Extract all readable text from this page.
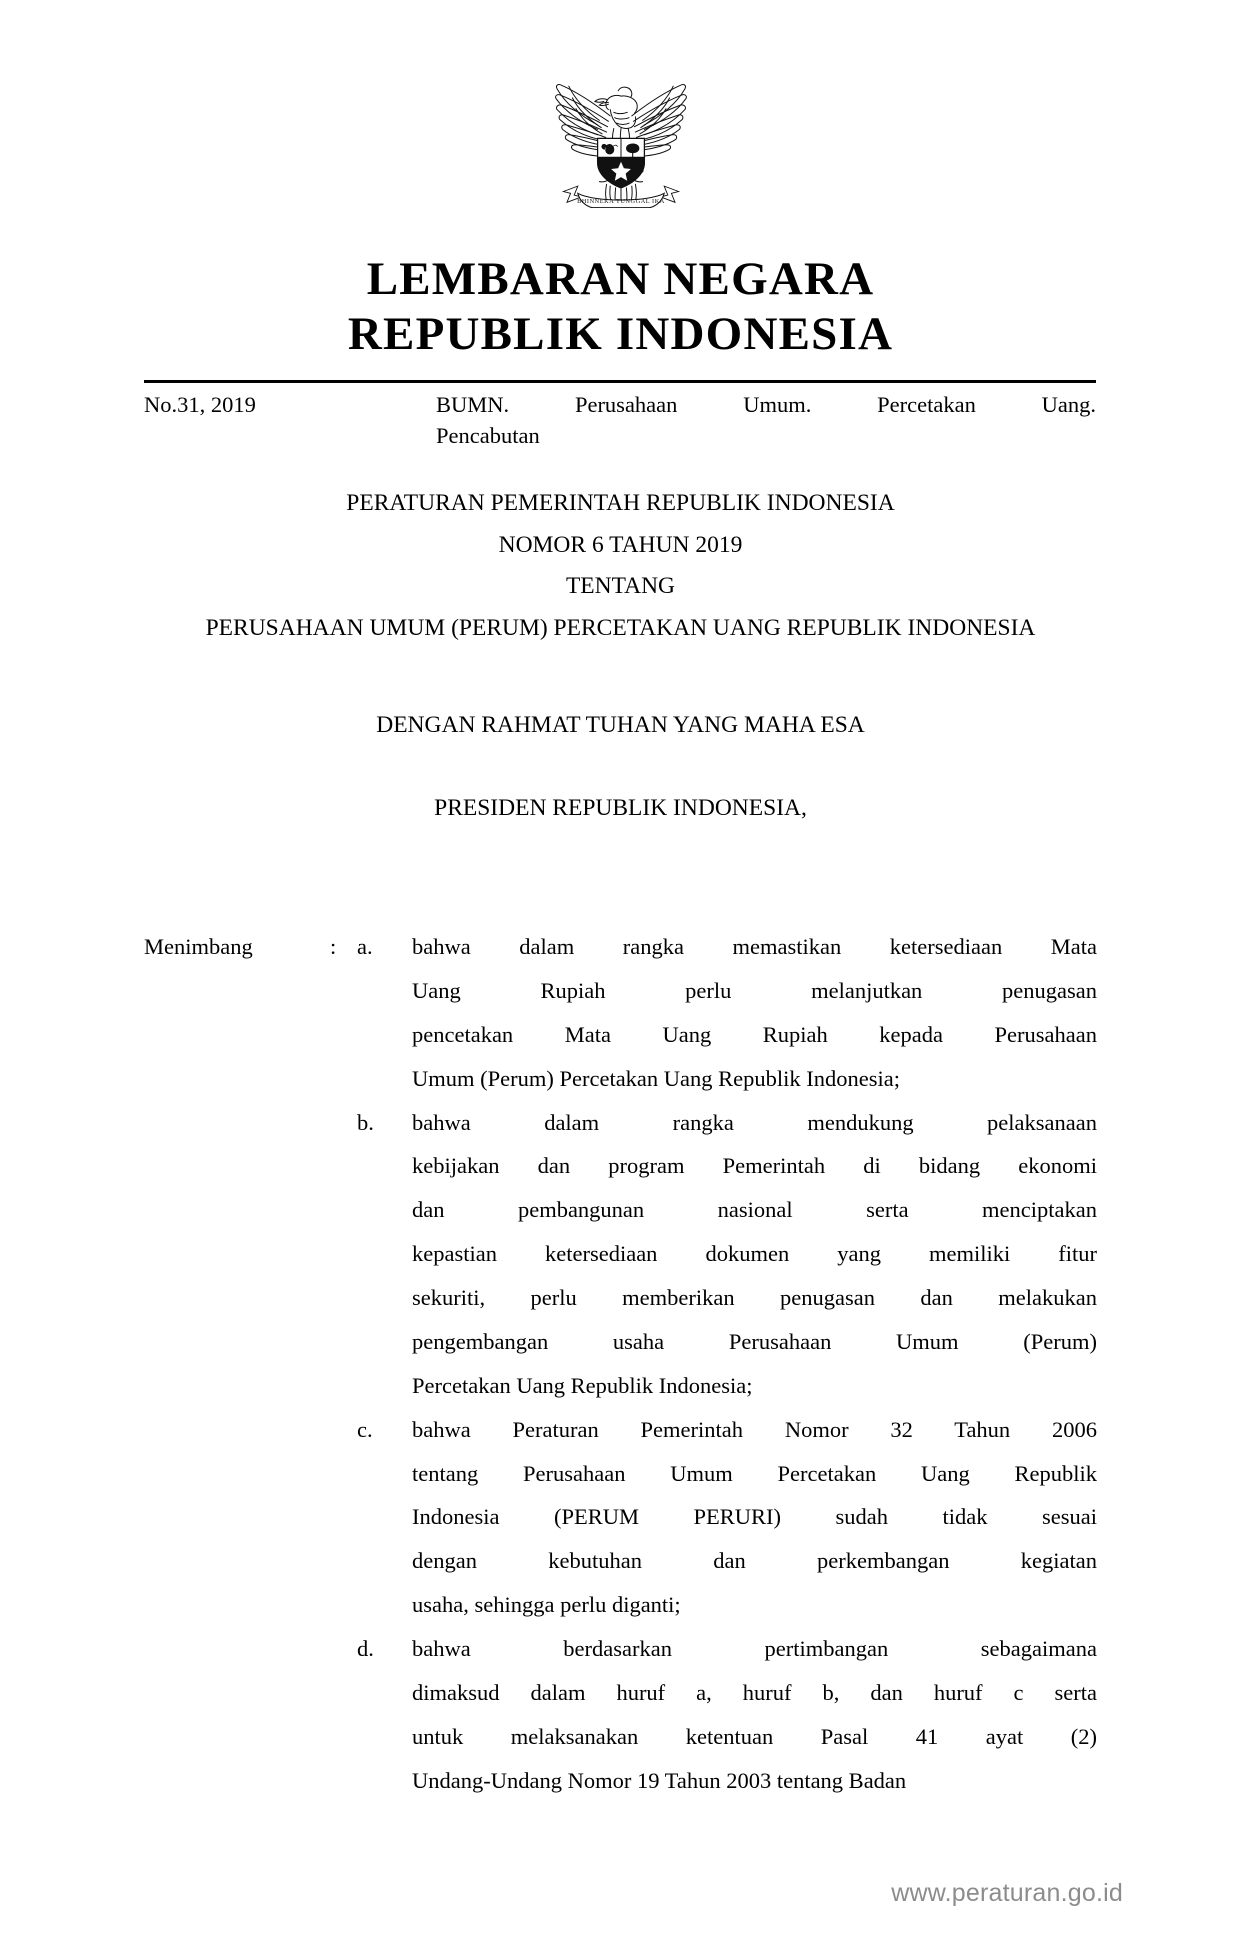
BHINNEKA TUNGGAL IKA
LEMBARAN NEGARA
REPUBLIK INDONESIA
No.31, 2019	BUMN. Perusahaan Umum. Percetakan Uang.
Pencabutan
PERATURAN PEMERINTAH REPUBLIK INDONESIA
NOMOR 6 TAHUN 2019
TENTANG
PERUSAHAAN UMUM (PERUM) PERCETAKAN UANG REPUBLIK INDONESIA
DENGAN RAHMAT TUHAN YANG MAHA ESA
PRESIDEN REPUBLIK INDONESIA,
Menimbang	: a.	bahwa dalam rangka memastikan ketersediaan Mata
Uang Rupiah perlu melanjutkan penugasan
pencetakan Mata Uang Rupiah kepada Perusahaan
Umum (Perum) Percetakan Uang Republik Indonesia;
b.	bahwa dalam rangka mendukung pelaksanaan
kebijakan dan program Pemerintah di bidang ekonomi
dan pembangunan nasional serta menciptakan
kepastian ketersediaan dokumen yang memiliki fitur
sekuriti, perlu memberikan penugasan dan melakukan
pengembangan usaha Perusahaan Umum (Perum)
Percetakan Uang Republik Indonesia;
c.	bahwa Peraturan Pemerintah Nomor 32 Tahun 2006
tentang Perusahaan Umum Percetakan Uang Republik
Indonesia (PERUM PERURI) sudah tidak sesuai
dengan kebutuhan dan perkembangan kegiatan
usaha, sehingga perlu diganti;
d.	bahwa berdasarkan pertimbangan sebagaimana
dimaksud dalam huruf a, huruf b, dan huruf c serta
untuk melaksanakan ketentuan Pasal 41 ayat (2)
Undang-Undang Nomor 19 Tahun 2003 tentang Badan
www.peraturan.go.id
